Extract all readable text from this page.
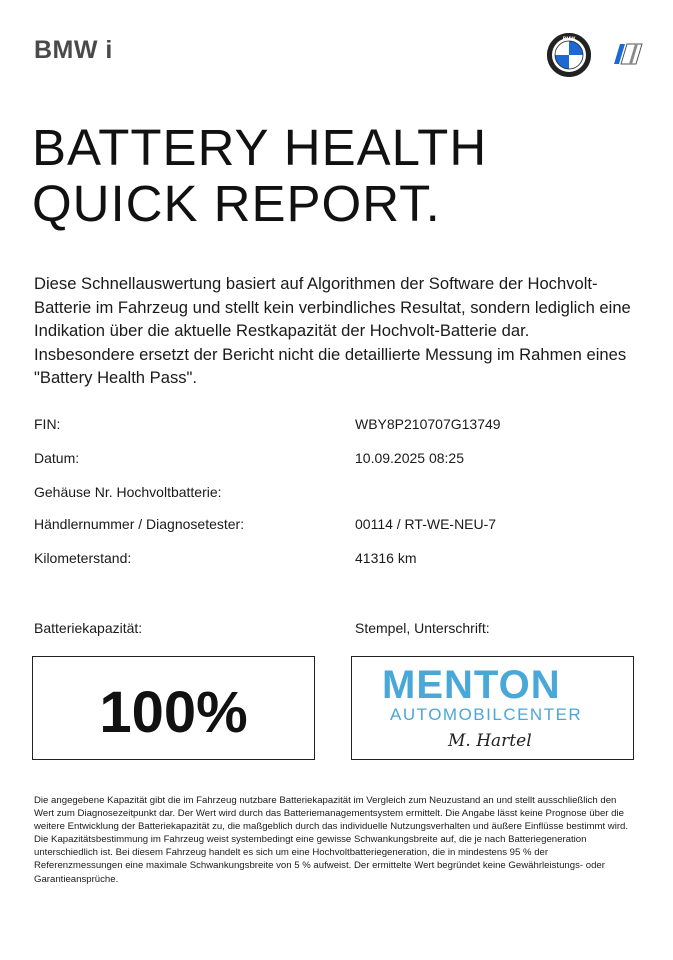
BMW i	BMW
BATTERY HEALTH
QUICK REPORT.
Diese Schnellauswertung basiert auf Algorithmen der Software der Hochvolt-Batterie im Fahrzeug und stellt kein verbindliches Resultat, sondern lediglich eine Indikation über die aktuelle Restkapazität der Hochvolt-Batterie dar. Insbesondere ersetzt der Bericht nicht die detaillierte Messung im Rahmen eines "Battery Health Pass".
FIN:	WBY8P210707G13749
Datum:	10.09.2025 08:25
Gehäuse Nr. Hochvoltbatterie:
Händlernummer / Diagnosetester:	00114 / RT-WE-NEU-7
Kilometerstand:	41316 km
Batteriekapazität:	Stempel, Unterschrift:
100%	MENTON
AUTOMOBILCENTER
M. Hartel
Die angegebene Kapazität gibt die im Fahrzeug nutzbare Batteriekapazität im Vergleich zum Neuzustand an und stellt ausschließlich den Wert zum Diagnosezeitpunkt dar. Der Wert wird durch das Batteriemanagementsystem ermittelt. Die Angabe lässt keine Prognose über die weitere Entwicklung der Batteriekapazität zu, die maßgeblich durch das individuelle Nutzungsverhalten und äußere Einflüsse bestimmt wird. Die Kapazitätsbestimmung im Fahrzeug weist systembedingt eine gewisse Schwankungsbreite auf, die je nach Batteriegeneration unterschiedlich ist. Bei diesem Fahrzeug handelt es sich um eine Hochvoltbatteriegeneration, die in mindestens 95 % der Referenzmessungen eine maximale Schwankungsbreite von 5 % aufweist. Der ermittelte Wert begründet keine Gewährleistungs- oder Garantieansprüche.
